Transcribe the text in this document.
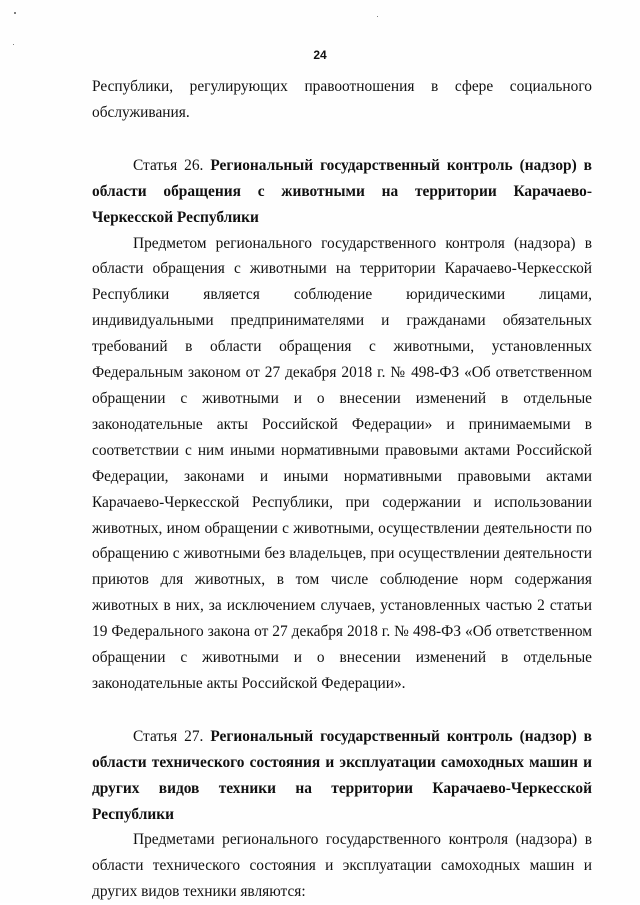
24

Республики, регулирующих правоотношения в сфере социального обслуживания.

Статья 26. Региональный государственный контроль (надзор) в области обращения с животными на территории Карачаево-Черкесской Республики

Предметом регионального государственного контроля (надзора) в области обращения с животными на территории Карачаево-Черкесской Республики является соблюдение юридическими лицами, индивидуальными предпринимателями и гражданами обязательных требований в области обращения с животными, установленных Федеральным законом от 27 декабря 2018 г. № 498-ФЗ «Об ответственном обращении с животными и о внесении изменений в отдельные законодательные акты Российской Федерации» и принимаемыми в соответствии с ним иными нормативными правовыми актами Российской Федерации, законами и иными нормативными правовыми актами Карачаево-Черкесской Республики, при содержании и использовании животных, ином обращении с животными, осуществлении деятельности по обращению с животными без владельцев, при осуществлении деятельности приютов для животных, в том числе соблюдение норм содержания животных в них, за исключением случаев, установленных частью 2 статьи 19 Федерального закона от 27 декабря 2018 г. № 498-ФЗ «Об ответственном обращении с животными и о внесении изменений в отдельные законодательные акты Российской Федерации».

Статья 27. Региональный государственный контроль (надзор) в области технического состояния и эксплуатации самоходных машин и других видов техники на территории Карачаево-Черкесской Республики

Предметами регионального государственного контроля (надзора) в области технического состояния и эксплуатации самоходных машин и других видов техники являются:
